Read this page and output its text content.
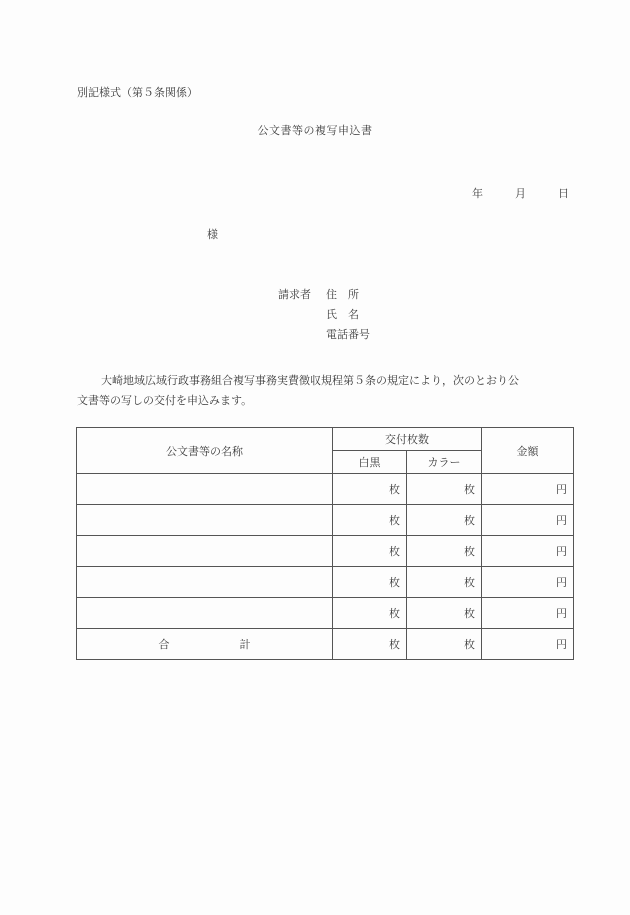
別記様式（第５条関係）
公文書等の複写申込書
年	月	日
様
請求者 住　所
氏　名
電話番号

大崎地域広域行政事務組合複写事務実費徴収規程第５条の規定により，次のとおり公

文書等の写しの交付を申込みます。

公文書等の名称	交付枚数		金額
	白黒	カラー	
	枚	枚	円
	枚	枚	円
	枚	枚	円
	枚	枚	円
	枚	枚	円
合 計	枚	枚	円
